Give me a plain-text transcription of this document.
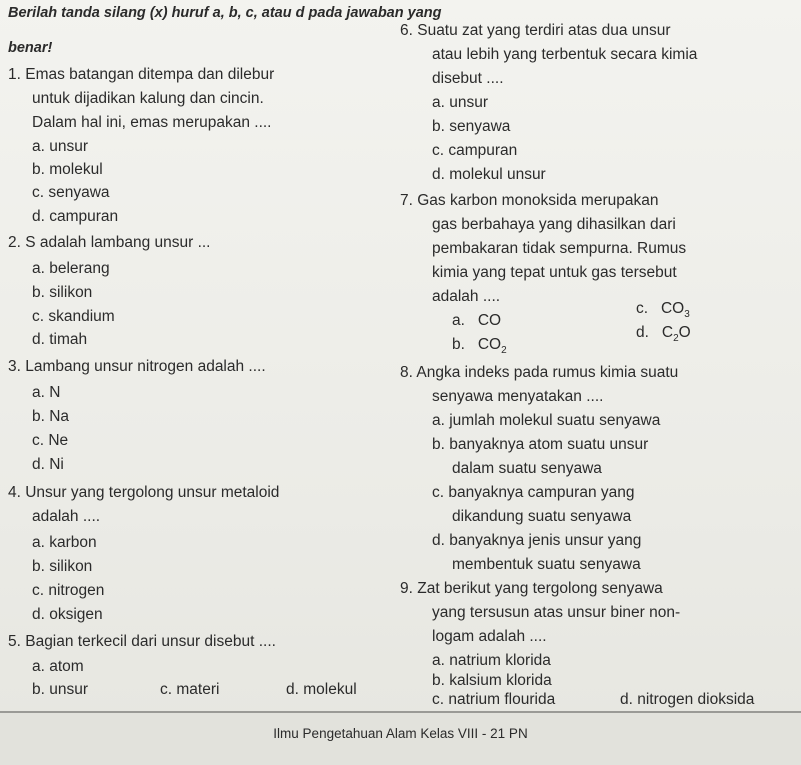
Berilah tanda silang (x) huruf a, b, c, atau d pada jawaban yang
benar!
1. Emas batangan ditempa dan dilebur
untuk dijadikan kalung dan cincin.
Dalam hal ini, emas merupakan ....
a. unsur
b. molekul
c. senyawa
d. campuran
2. S adalah lambang unsur ...
a. belerang
b. silikon
c. skandium
d. timah
3. Lambang unsur nitrogen adalah ....
a. N
b. Na
c. Ne
d. Ni
4. Unsur yang tergolong unsur metaloid
adalah ....
a. karbon
b. silikon
c. nitrogen
d. oksigen
5. Bagian terkecil dari unsur disebut ....
a. atom
b. unsur
6. Suatu zat yang terdiri atas dua unsur
atau lebih yang terbentuk secara kimia
disebut ....
a. unsur
b. senyawa
c. campuran
d. molekul unsur
7. Gas karbon monoksida merupakan
gas berbahaya yang dihasilkan dari
pembakaran tidak sempurna. Rumus
kimia yang tepat untuk gas tersebut
adalah ....
a. CO
b. $CO_2$
c. $CO_3$
d. $C_2O$
8. Angka indeks pada rumus kimia suatu
senyawa menyatakan ....
a. jumlah molekul suatu senyawa
b. banyaknya atom suatu unsur
dalam suatu senyawa
c. banyaknya campuran yang
dikandung suatu senyawa
d. banyaknya jenis unsur yang
membentuk suatu senyawa
9. Zat berikut yang tergolong senyawa
yang tersusun atas unsur biner non-
logam adalah ....
a. natrium klorida
b. kalsium klorida
c. natrium flourida
Ilmu Pengetahuan Alam Kelas VIII - 21 PN
c. materi	d. molekul
d. nitrogen dioksida
